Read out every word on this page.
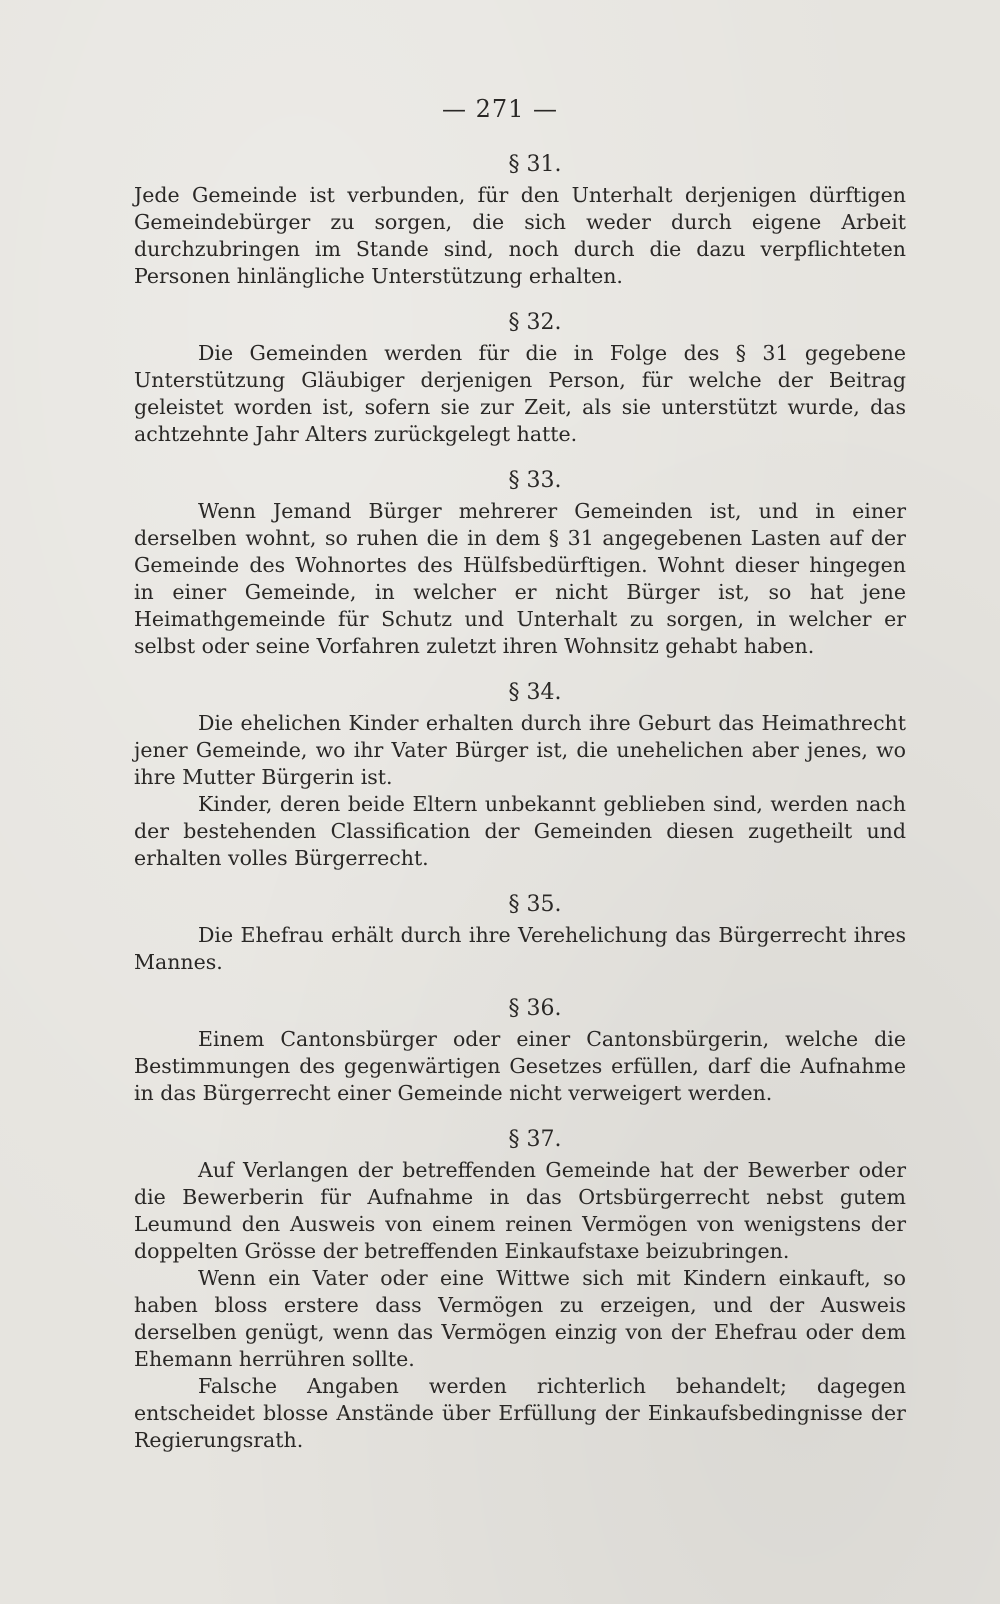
— 271 —
§ 31.

Jede Gemeinde ist verbunden, für den Unterhalt derjenigen dürftigen Gemeindebürger zu sorgen, die sich weder durch eigene Arbeit durchzubringen im Stande sind, noch durch die dazu verpflichteten Personen hinlängliche Unterstützung erhalten.

§ 32.

Die Gemeinden werden für die in Folge des § 31 gegebene Unterstützung Gläubiger derjenigen Person, für welche der Beitrag geleistet worden ist, sofern sie zur Zeit, als sie unterstützt wurde, das achtzehnte Jahr Alters zurückgelegt hatte.

§ 33.

Wenn Jemand Bürger mehrerer Gemeinden ist, und in einer derselben wohnt, so ruhen die in dem § 31 angegebenen Lasten auf der Gemeinde des Wohnortes des Hülfsbedürftigen. Wohnt dieser hingegen in einer Gemeinde, in welcher er nicht Bürger ist, so hat jene Heimathgemeinde für Schutz und Unterhalt zu sorgen, in welcher er selbst oder seine Vorfahren zuletzt ihren Wohnsitz gehabt haben.

§ 34.

Die ehelichen Kinder erhalten durch ihre Geburt das Heimathrecht jener Gemeinde, wo ihr Vater Bürger ist, die unehelichen aber jenes, wo ihre Mutter Bürgerin ist.

Kinder, deren beide Eltern unbekannt geblieben sind, werden nach der bestehenden Classification der Gemeinden diesen zugetheilt und erhalten volles Bürgerrecht.

§ 35.

Die Ehefrau erhält durch ihre Verehelichung das Bürgerrecht ihres Mannes.

§ 36.

Einem Cantonsbürger oder einer Cantonsbürgerin, welche die Bestimmungen des gegenwärtigen Gesetzes erfüllen, darf die Aufnahme in das Bürgerrecht einer Gemeinde nicht verweigert werden.

§ 37.

Auf Verlangen der betreffenden Gemeinde hat der Bewerber oder die Bewerberin für Aufnahme in das Ortsbürgerrecht nebst gutem Leumund den Ausweis von einem reinen Vermögen von wenigstens der doppelten Grösse der betreffenden Einkaufstaxe beizubringen.

Wenn ein Vater oder eine Wittwe sich mit Kindern einkauft, so haben bloss erstere dass Vermögen zu erzeigen, und der Ausweis derselben genügt, wenn das Vermögen einzig von der Ehefrau oder dem Ehemann herrühren sollte.

Falsche Angaben werden richterlich behandelt; dagegen entscheidet blosse Anstände über Erfüllung der Einkaufsbedingnisse der Regierungsrath.
